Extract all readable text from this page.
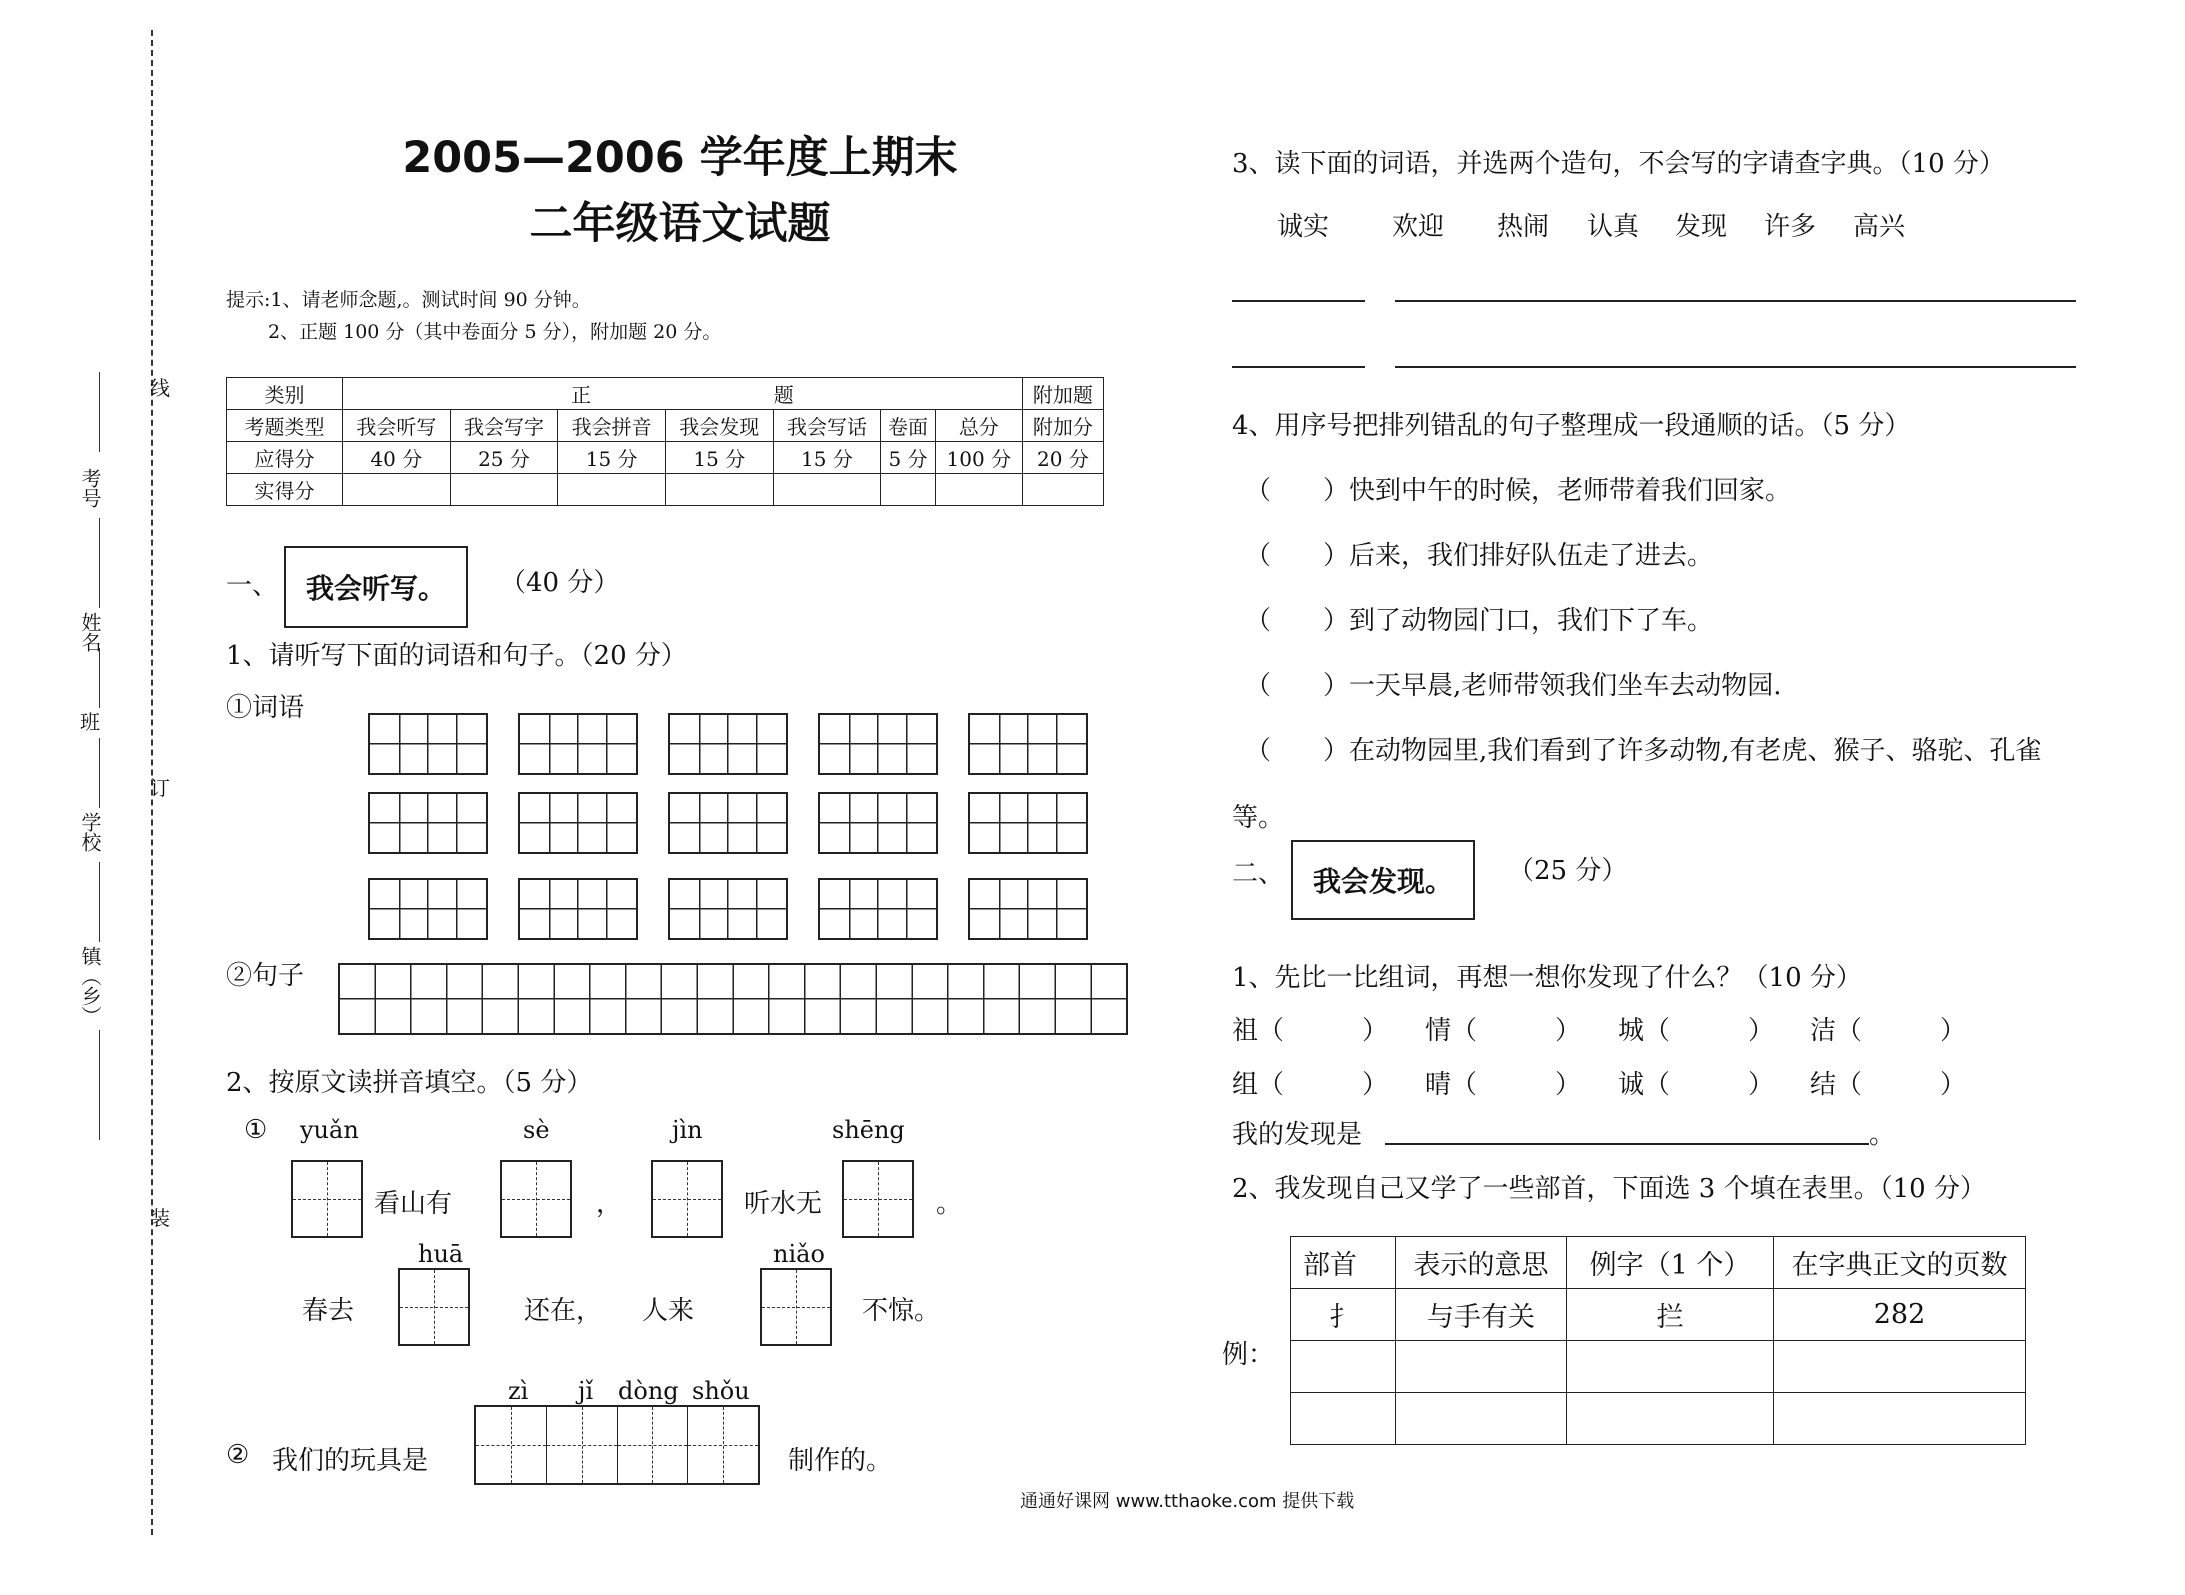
线
订
装
考号
姓名
班
学校
镇（乡）
2005—2006 学年度上期末
二年级语文试题
提示:1、请老师念题,。测试时间 90 分钟。
2、正题 100 分（其中卷面分 5 分），附加题 20 分。
类别	正 题							附加题
考题类型	我会听写	我会写字	我会拼音	我会发现	我会写话	卷面	总分	附加分
应得分	40 分	25 分	15 分	15 分	15 分	5 分	100 分	20 分
实得分								
一、 我会听写。	（40 分）
1、请听写下面的词语和句子。（20 分）
①词语
②句子
2、按原文读拼音填空。（5 分）
① yuǎn	sè	jìn	shēng
看山有	，	听水无	。
huā	niǎo
春去	还在， 人来	不惊。
zì jǐ dòng shǒu
② 我们的玩具是	制作的。
3、读下面的词语，并选两个造句，不会写的字请查字典。（10 分）
诚实 欢迎 热闹 认真 发现 许多 高兴
4、用序号把排列错乱的句子整理成一段通顺的话。（5 分）
（　　）快到中午的时候，老师带着我们回家。
（　　）后来，我们排好队伍走了进去。
（　　）到了动物园门口，我们下了车。
（　　）一天早晨,老师带领我们坐车去动物园.
（　　）在动物园里,我们看到了许多动物,有老虎、猴子、骆驼、孔雀
等。
二、	我会发现。	（25 分）
1、先比一比组词，再想一想你发现了什么？（10 分）
祖（　　　） 情（　　　） 城（　　　） 洁（　　　）
组（　　　） 晴（　　　） 诚（　　　） 结（　　　）
我的发现是	。
2、我发现自己又学了一些部首，下面选 3 个填在表里。（10 分）
例：
部首	表示的意思	例字（1 个）	在字典正文的页数
扌	与手有关	拦	282

通通好课网 www.tthaoke.com 提供下载
